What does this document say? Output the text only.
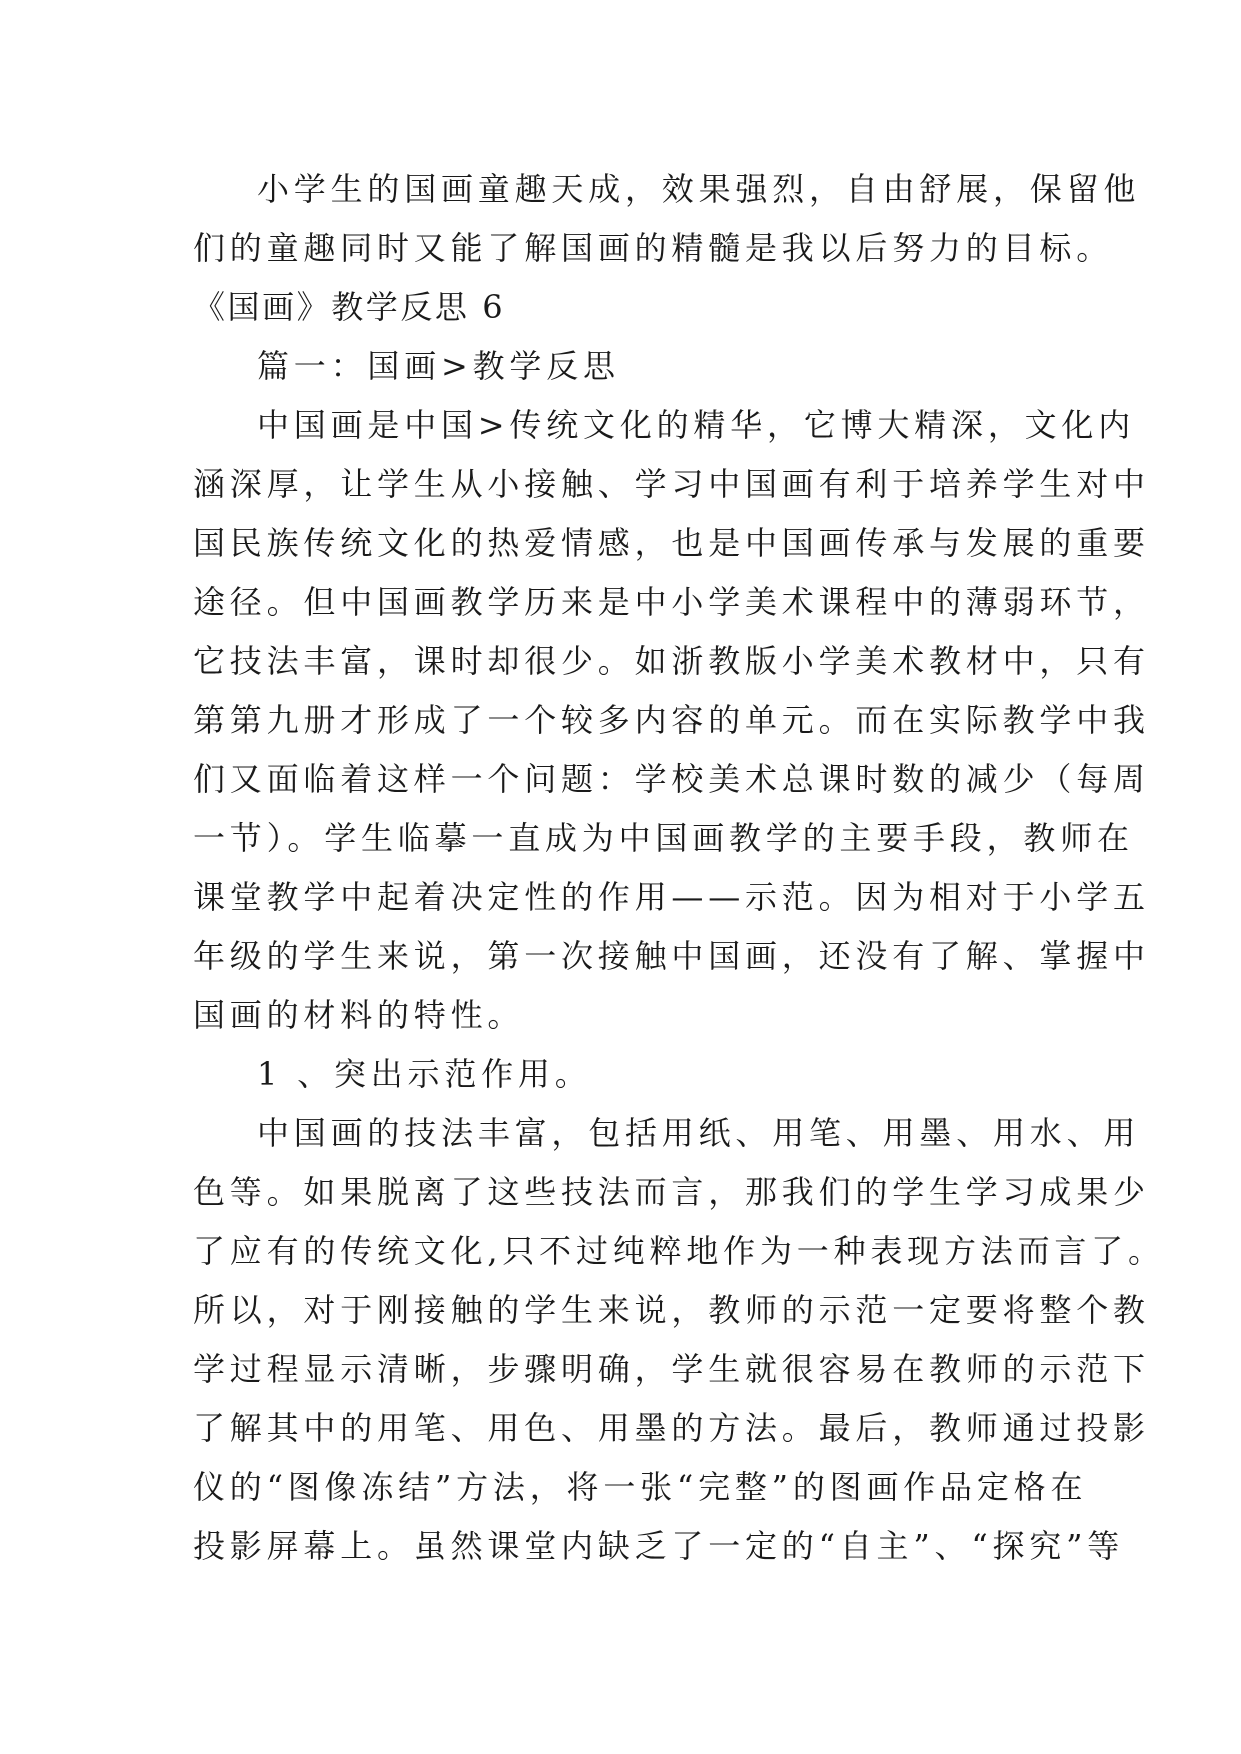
小学生的国画童趣天成，效果强烈，自由舒展，保留他
们的童趣同时又能了解国画的精髓是我以后努力的目标。
《国画》教学反思 6
篇一：国画>教学反思
中国画是中国>传统文化的精华，它博大精深，文化内
涵深厚，让学生从小接触、学习中国画有利于培养学生对中
国民族传统文化的热爱情感，也是中国画传承与发展的重要
途径。但中国画教学历来是中小学美术课程中的薄弱环节，
它技法丰富，课时却很少。如浙教版小学美术教材中，只有
第第九册才形成了一个较多内容的单元。而在实际教学中我
们又面临着这样一个问题：学校美术总课时数的减少（每周
一节）。学生临摹一直成为中国画教学的主要手段，教师在
课堂教学中起着决定性的作用——示范。因为相对于小学五
年级的学生来说，第一次接触中国画，还没有了解、掌握中
国画的材料的特性。
1 、突出示范作用。
中国画的技法丰富，包括用纸、用笔、用墨、用水、用
色等。如果脱离了这些技法而言，那我们的学生学习成果少
了应有的传统文化,只不过纯粹地作为一种表现方法而言了。
所以，对于刚接触的学生来说，教师的示范一定要将整个教
学过程显示清晰，步骤明确，学生就很容易在教师的示范下
了解其中的用笔、用色、用墨的方法。最后，教师通过投影
仪的“图像冻结”方法，将一张“完整”的图画作品定格在
投影屏幕上。虽然课堂内缺乏了一定的“自主”、“探究”等
